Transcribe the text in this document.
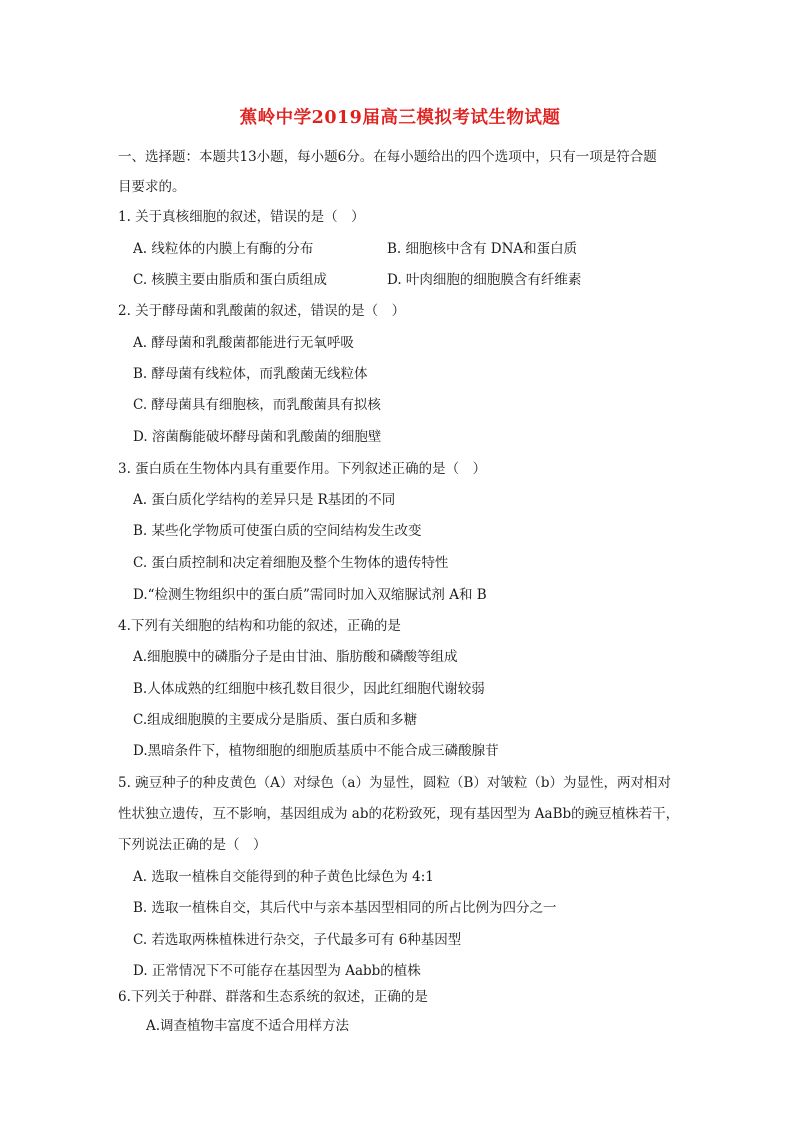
蕉岭中学2019届高三模拟考试生物试题
一、选择题：本题共13小题，每小题6分。在每小题给出的四个选项中，只有一项是符合题
目要求的。
1. 关于真核细胞的叙述，错误的是（　）
A. 线粒体的内膜上有酶的分布	B. 细胞核中含有 DNA和蛋白质
C. 核膜主要由脂质和蛋白质组成	D. 叶肉细胞的细胞膜含有纤维素
2. 关于酵母菌和乳酸菌的叙述，错误的是（　）
A. 酵母菌和乳酸菌都能进行无氧呼吸
B. 酵母菌有线粒体，而乳酸菌无线粒体
C. 酵母菌具有细胞核，而乳酸菌具有拟核
D. 溶菌酶能破坏酵母菌和乳酸菌的细胞壁
3. 蛋白质在生物体内具有重要作用。下列叙述正确的是（　）
A. 蛋白质化学结构的差异只是 R基团的不同
B. 某些化学物质可使蛋白质的空间结构发生改变
C. 蛋白质控制和决定着细胞及整个生物体的遗传特性
D.“检测生物组织中的蛋白质”需同时加入双缩脲试剂 A和 B
4.下列有关细胞的结构和功能的叙述，正确的是
A.细胞膜中的磷脂分子是由甘油、脂肪酸和磷酸等组成
B.人体成熟的红细胞中核孔数目很少，因此红细胞代谢较弱
C.组成细胞膜的主要成分是脂质、蛋白质和多糖
D.黑暗条件下，植物细胞的细胞质基质中不能合成三磷酸腺苷
5. 豌豆种子的种皮黄色（A）对绿色（a）为显性，圆粒（B）对皱粒（b）为显性，两对相对
性状独立遗传，互不影响，基因组成为 ab的花粉致死，现有基因型为 AaBb的豌豆植株若干，
下列说法正确的是（　）
A. 选取一植株自交能得到的种子黄色比绿色为 4:1
B. 选取一植株自交，其后代中与亲本基因型相同的所占比例为四分之一
C. 若选取两株植株进行杂交，子代最多可有 6种基因型
D. 正常情况下不可能存在基因型为 Aabb的植株
6.下列关于种群、群落和生态系统的叙述，正确的是
A.调查植物丰富度不适合用样方法
